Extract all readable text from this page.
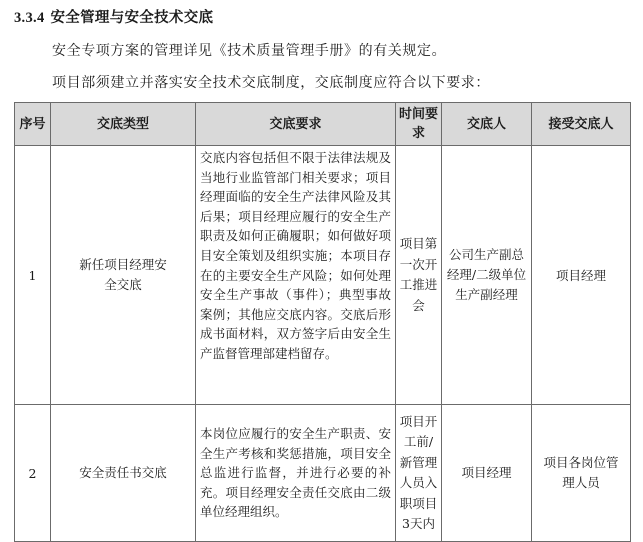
3.3.4 安全管理与安全技术交底
安全专项方案的管理详见《技术质量管理手册》的有关规定。
项目部须建立并落实安全技术交底制度，交底制度应符合以下要求：
序号	交底类型	交底要求	时间要求	交底人	接受交底人
1	新任项目经理安全交底	交底内容包括但不限于法律法规及当地行业监管部门相关要求；项目经理面临的安全生产法律风险及其后果；项目经理应履行的安全生产职责及如何正确履职；如何做好项目安全策划及组织实施；本项目存在的主要安全生产风险；如何处理安全生产事故（事件）；典型事故案例；其他应交底内容。交底后形成书面材料，双方签字后由安全生产监督管理部建档留存。	项目第一次开工推进会	公司生产副总经理/二级单位生产副经理	项目经理
2	安全责任书交底	本岗位应履行的安全生产职责、安全生产考核和奖惩措施，项目安全总监进行监督，并进行必要的补充。项目经理安全责任交底由二级单位经理组织。	项目开工前/新管理人员入职项目3天内	项目经理	项目各岗位管理人员
